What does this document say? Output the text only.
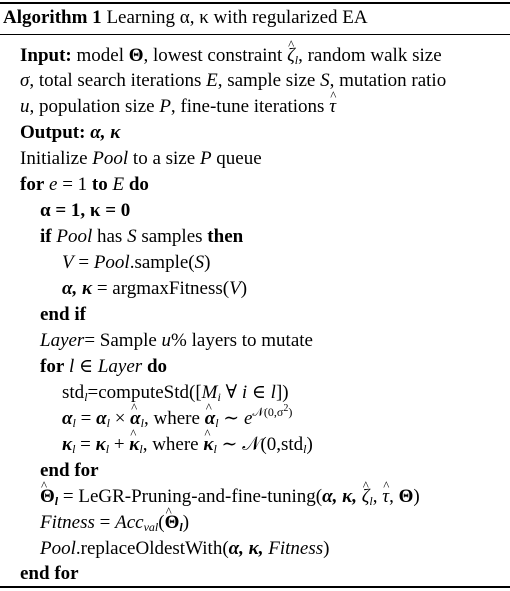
Algorithm 1 Learning α, κ with regularized EA
Input: model Θ, lowest constraint ζ $\^{}_l$, random walk size
σ, total search iterations E, sample size S, mutation ratio
u, population size P, fine-tune iterations τ ^
Output: α, κ
Initialize Pool to a size P queue
for e = 1 to E do
α = 1, κ = 0
if Pool has S samples then
V = Pool.sample(S)
α, κ = argmaxFitness(V)
end if
Layer= Sample u% layers to mutate
for l ∈ Layer do
$std_l=computeStd([M_i$ ∀ i ∈ l])
$\alpha_l = \alpha_l \times \alpha$ $\^{}_l$, where α $\^{}_l$ ∼ $e^{𝒩(0,\sigma^2)}$
$\kappa_l = \kappa_l + \kappa$ $\^{}_l$, where κ $\^{}_l$ ∼ 𝒩(0,std$_l$)
end for
Θ $\^{}_l$ = LeGR-Pruning-and-fine-tuning(α, κ, ζ $\^{}_l$, τ ^, Θ)
Fitness = Acc$_{val}$(Θ $\^{}_l$)
Pool.replaceOldestWith(α, κ, Fitness)
end for
